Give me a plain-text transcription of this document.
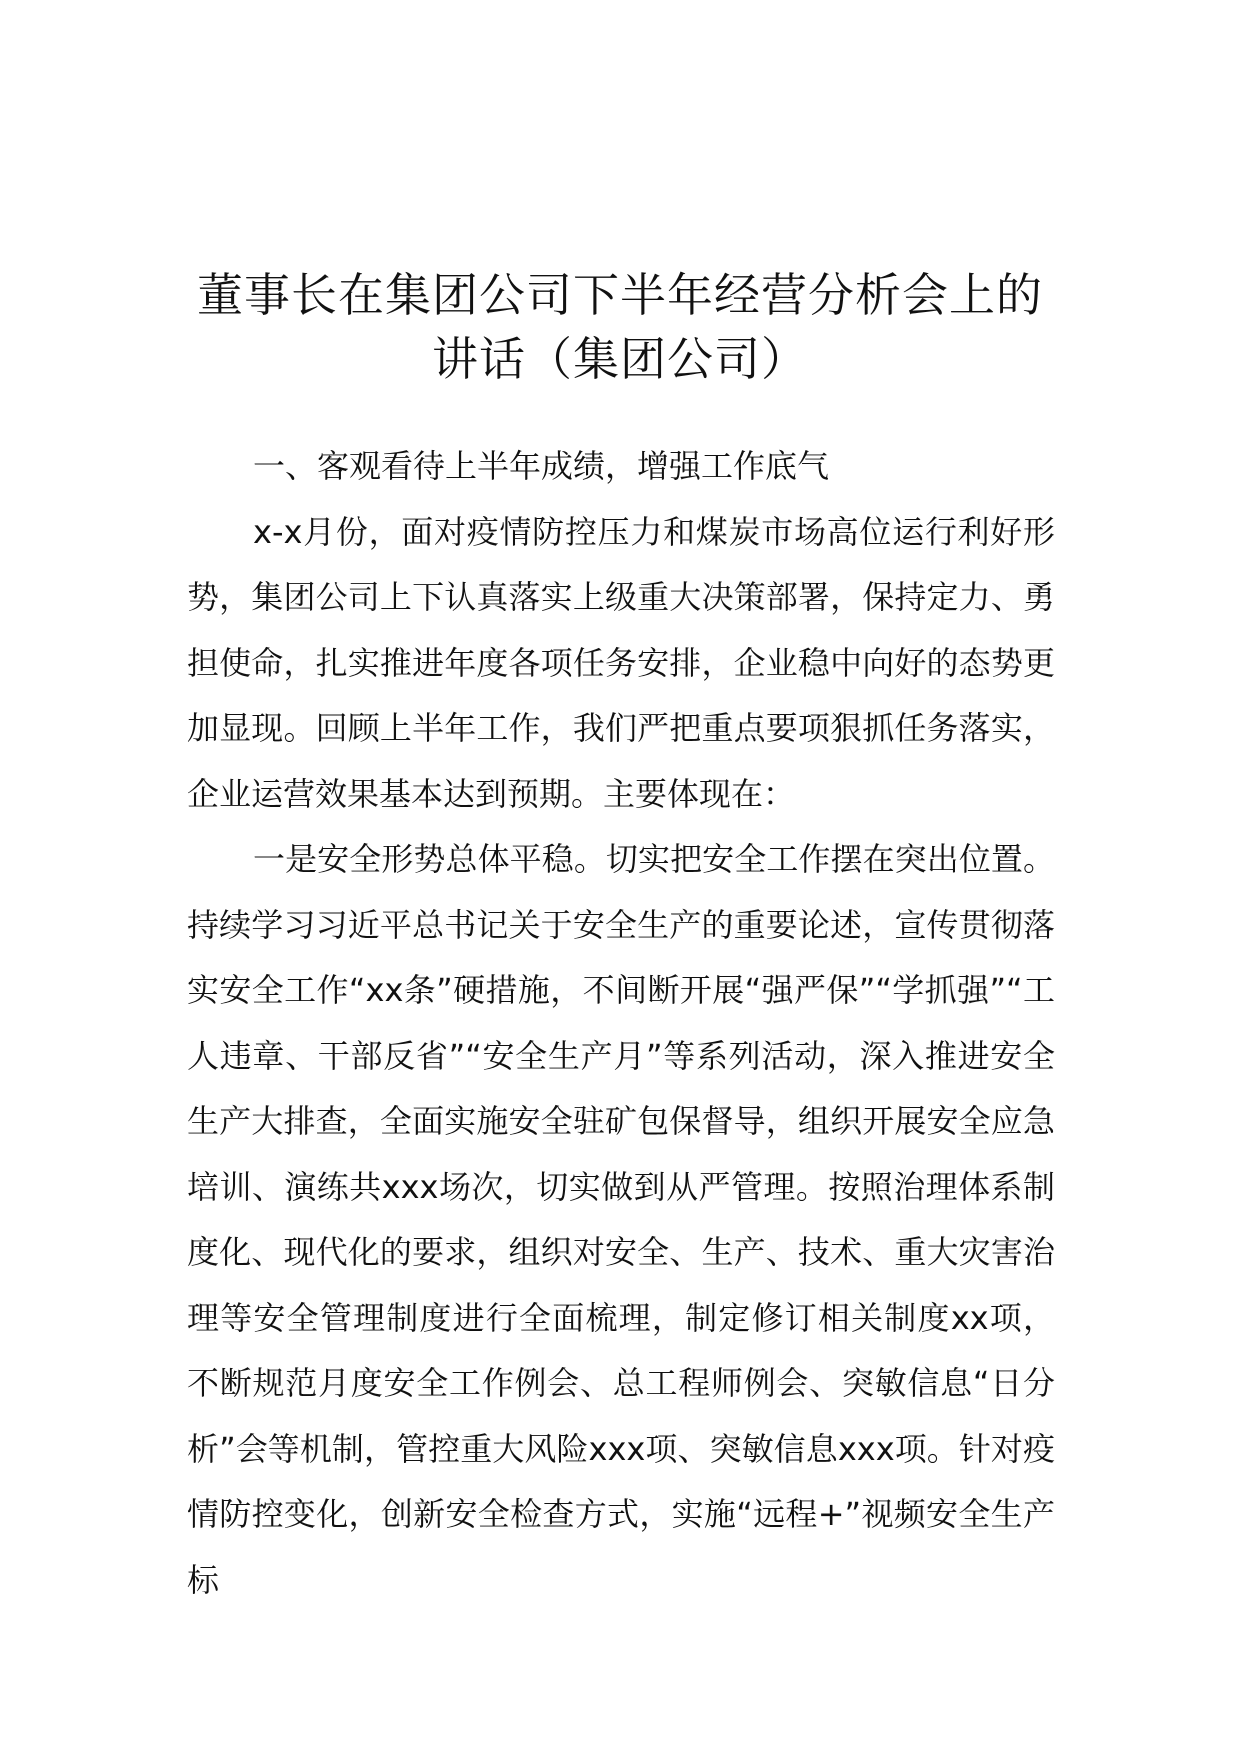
董事长在集团公司下半年经营分析会上的
讲话（集团公司）

一、客观看待上半年成绩，增强工作底气

x-x月份，面对疫情防控压力和煤炭市场高位运行利好形势，集团公司上下认真落实上级重大决策部署，保持定力、勇担使命，扎实推进年度各项任务安排，企业稳中向好的态势更加显现。回顾上半年工作，我们严把重点要项狠抓任务落实，企业运营效果基本达到预期。主要体现在：

一是安全形势总体平稳。切实把安全工作摆在突出位置。持续学习习近平总书记关于安全生产的重要论述，宣传贯彻落实安全工作“xx条”硬措施，不间断开展“强严保”“学抓强”“工人违章、干部反省”“安全生产月”等系列活动，深入推进安全生产大排查，全面实施安全驻矿包保督导，组织开展安全应急培训、演练共xxx场次，切实做到从严管理。按照治理体系制度化、现代化的要求，组织对安全、生产、技术、重大灾害治理等安全管理制度进行全面梳理，制定修订相关制度xx项，不断规范月度安全工作例会、总工程师例会、突敏信息“日分析”会等机制，管控重大风险xxx项、突敏信息xxx项。针对疫情防控变化，创新安全检查方式，实施“远程+”视频安全生产标
